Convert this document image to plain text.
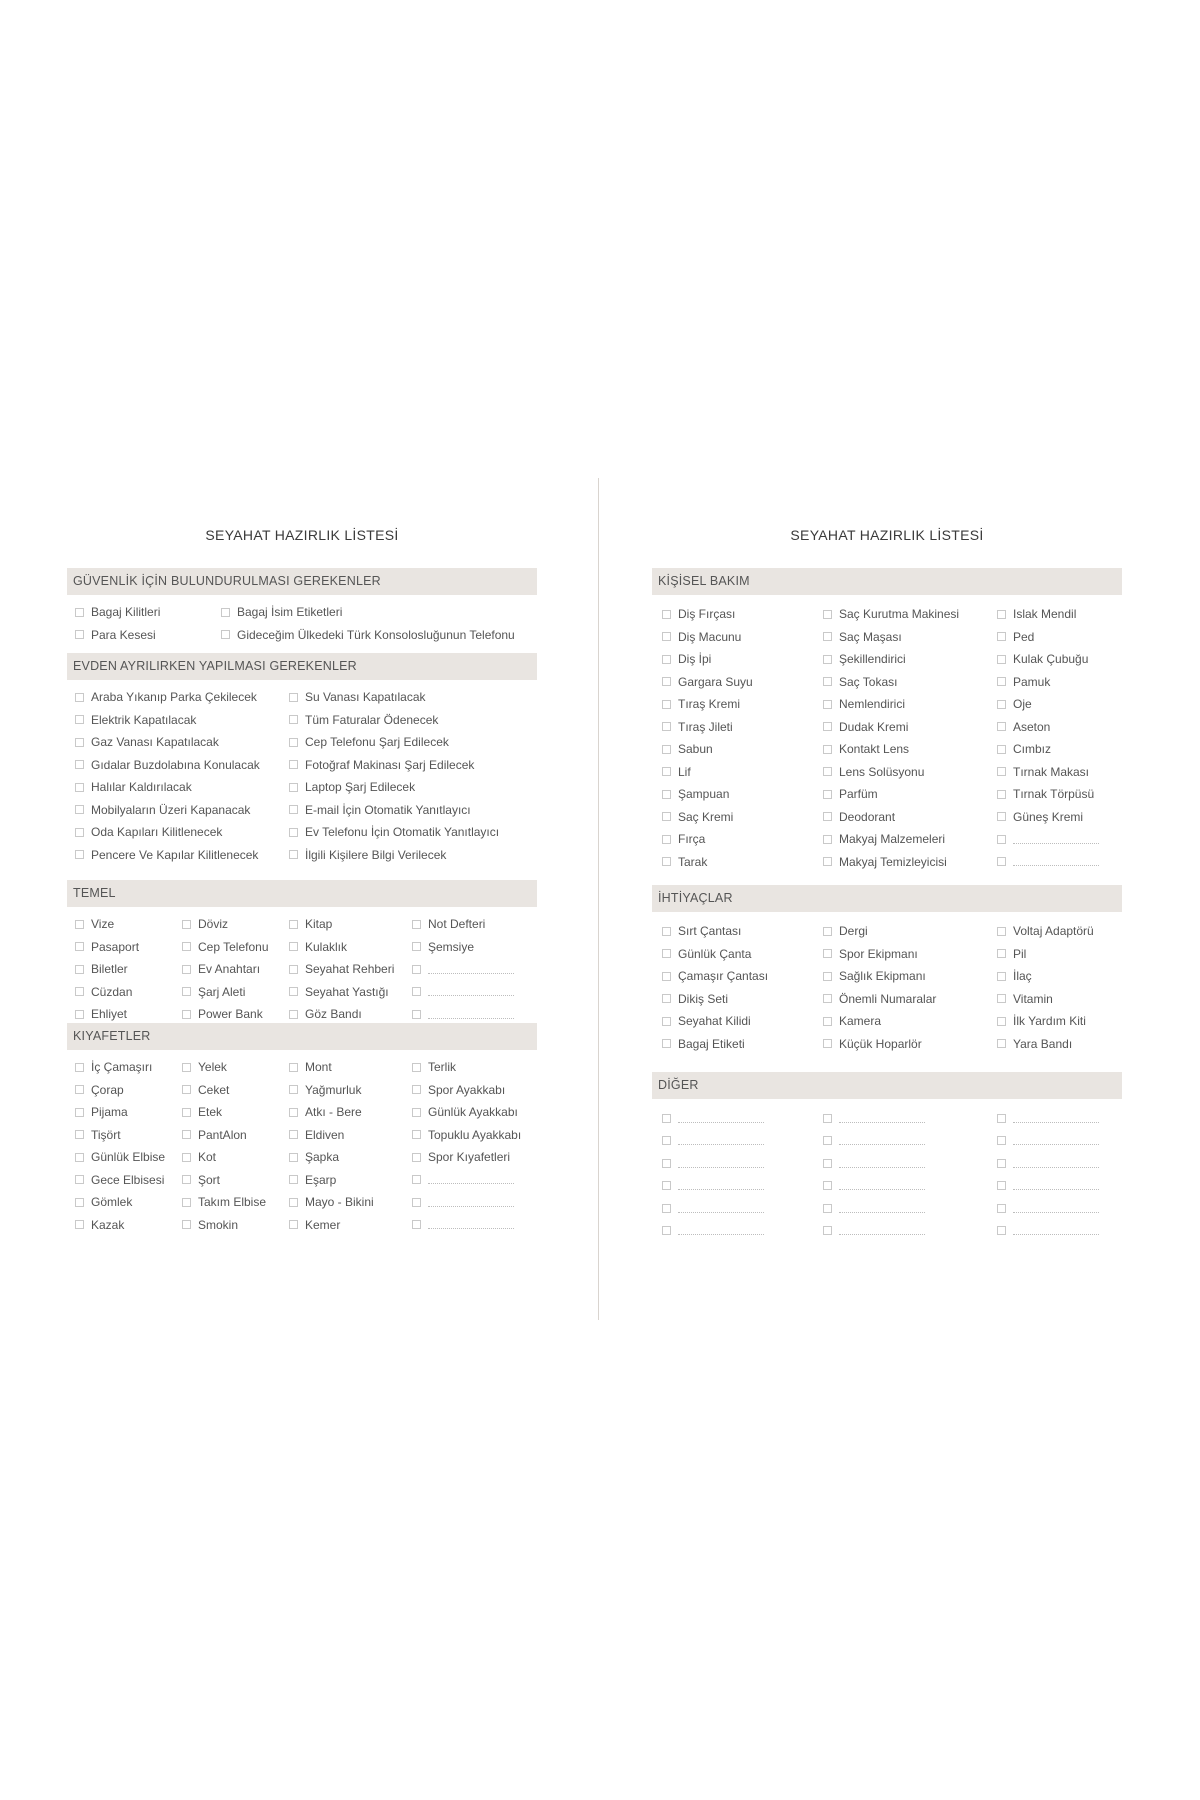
SEYAHAT HAZIRLIK LİSTESİ
GÜVENLİK İÇİN BULUNDURULMASI GEREKENLER
Bagaj Kilitleri
Para Kesesi
Bagaj İsim Etiketleri
Gideceğim Ülkedeki Türk Konsolosluğunun Telefonu
EVDEN AYRILIRKEN YAPILMASI GEREKENLER
Araba Yıkanıp Parka Çekilecek
Elektrik Kapatılacak
Gaz Vanası Kapatılacak
Gıdalar Buzdolabına Konulacak
Halılar Kaldırılacak
Mobilyaların Üzeri Kapanacak
Oda Kapıları Kilitlenecek
Pencere Ve Kapılar Kilitlenecek
Su Vanası Kapatılacak
Tüm Faturalar Ödenecek
Cep Telefonu Şarj Edilecek
Fotoğraf Makinası Şarj Edilecek
Laptop Şarj Edilecek
E-mail İçin Otomatik Yanıtlayıcı
Ev Telefonu İçin Otomatik Yanıtlayıcı
İlgili Kişilere Bilgi Verilecek
TEMEL
Vize
Pasaport
Biletler
Cüzdan
Ehliyet
Döviz
Cep Telefonu
Ev Anahtarı
Şarj Aleti
Power Bank
Kitap
Kulaklık
Seyahat Rehberi
Seyahat Yastığı
Göz Bandı
Not Defteri
Şemsiye
KIYAFETLER
İç Çamaşırı
Çorap
Pijama
Tişört
Günlük Elbise
Gece Elbisesi
Gömlek
Kazak
Yelek
Ceket
Etek
PantAlon
Kot
Şort
Takım Elbise
Smokin
Mont
Yağmurluk
Atkı - Bere
Eldiven
Şapka
Eşarp
Mayo - Bikini
Kemer
Terlik
Spor Ayakkabı
Günlük Ayakkabı
Topuklu Ayakkabı
Spor Kıyafetleri
SEYAHAT HAZIRLIK LİSTESİ
KİŞİSEL BAKIM
Diş Fırçası
Diş Macunu
Diş İpi
Gargara Suyu
Tıraş Kremi
Tıraş Jileti
Sabun
Lif
Şampuan
Saç Kremi
Fırça
Tarak
Saç Kurutma Makinesi
Saç Maşası
Şekillendirici
Saç Tokası
Nemlendirici
Dudak Kremi
Kontakt Lens
Lens Solüsyonu
Parfüm
Deodorant
Makyaj Malzemeleri
Makyaj Temizleyicisi
Islak Mendil
Ped
Kulak Çubuğu
Pamuk
Oje
Aseton
Cımbız
Tırnak Makası
Tırnak Törpüsü
Güneş Kremi
İHTİYAÇLAR
Sırt Çantası
Günlük Çanta
Çamaşır Çantası
Dikiş Seti
Seyahat Kilidi
Bagaj Etiketi
Dergi
Spor Ekipmanı
Sağlık Ekipmanı
Önemli Numaralar
Kamera
Küçük Hoparlör
Voltaj Adaptörü
Pil
İlaç
Vitamin
İlk Yardım Kiti
Yara Bandı
DİĞER
